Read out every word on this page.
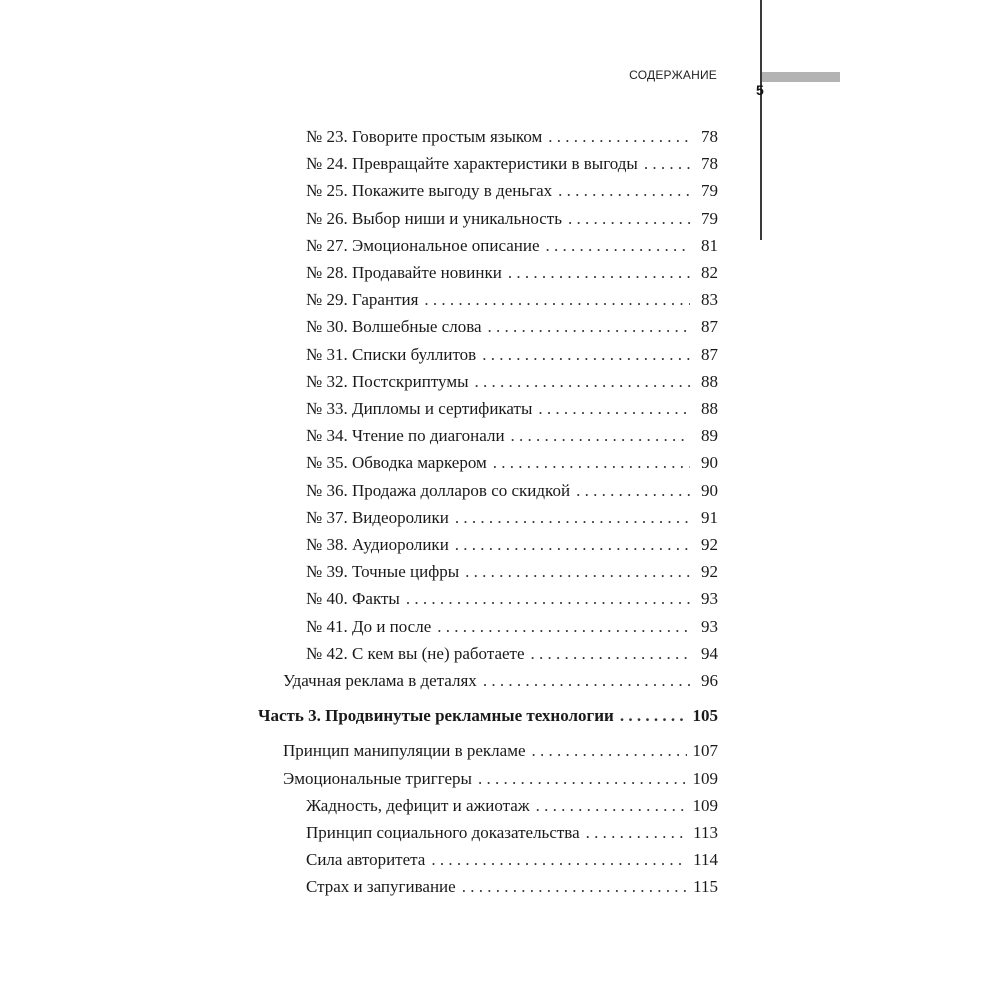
СОДЕРЖАНИЕ
5
№ 23. Говорите простым языком . . .	78
№ 24. Превращайте характеристики в выгоды . . .	78
№ 25. Покажите выгоду в деньгах . . .	79
№ 26. Выбор ниши и уникальность . . .	79
№ 27. Эмоциональное описание . . .	81
№ 28. Продавайте новинки . . .	82
№ 29. Гарантия . . .	83
№ 30. Волшебные слова . . .	87
№ 31. Списки буллитов . . .	87
№ 32. Постскриптумы . . .	88
№ 33. Дипломы и сертификаты . . .	88
№ 34. Чтение по диагонали . . .	89
№ 35. Обводка маркером . . .	90
№ 36. Продажа долларов со скидкой . . .	90
№ 37. Видеоролики . . .	91
№ 38. Аудиоролики . . .	92
№ 39. Точные цифры . . .	92
№ 40. Факты . . .	93
№ 41. До и после . . .	93
№ 42. С кем вы (не) работаете . . .	94
Удачная реклама в деталях . . .	96
Часть 3. Продвинутые рекламные технологии . . .	105
Принцип манипуляции в рекламе . . .	107
Эмоциональные триггеры . . .	109
Жадность, дефицит и ажиотаж . . .	109
Принцип социального доказательства . . .	113
Сила авторитета . . .	114
Страх и запугивание . . .	115
